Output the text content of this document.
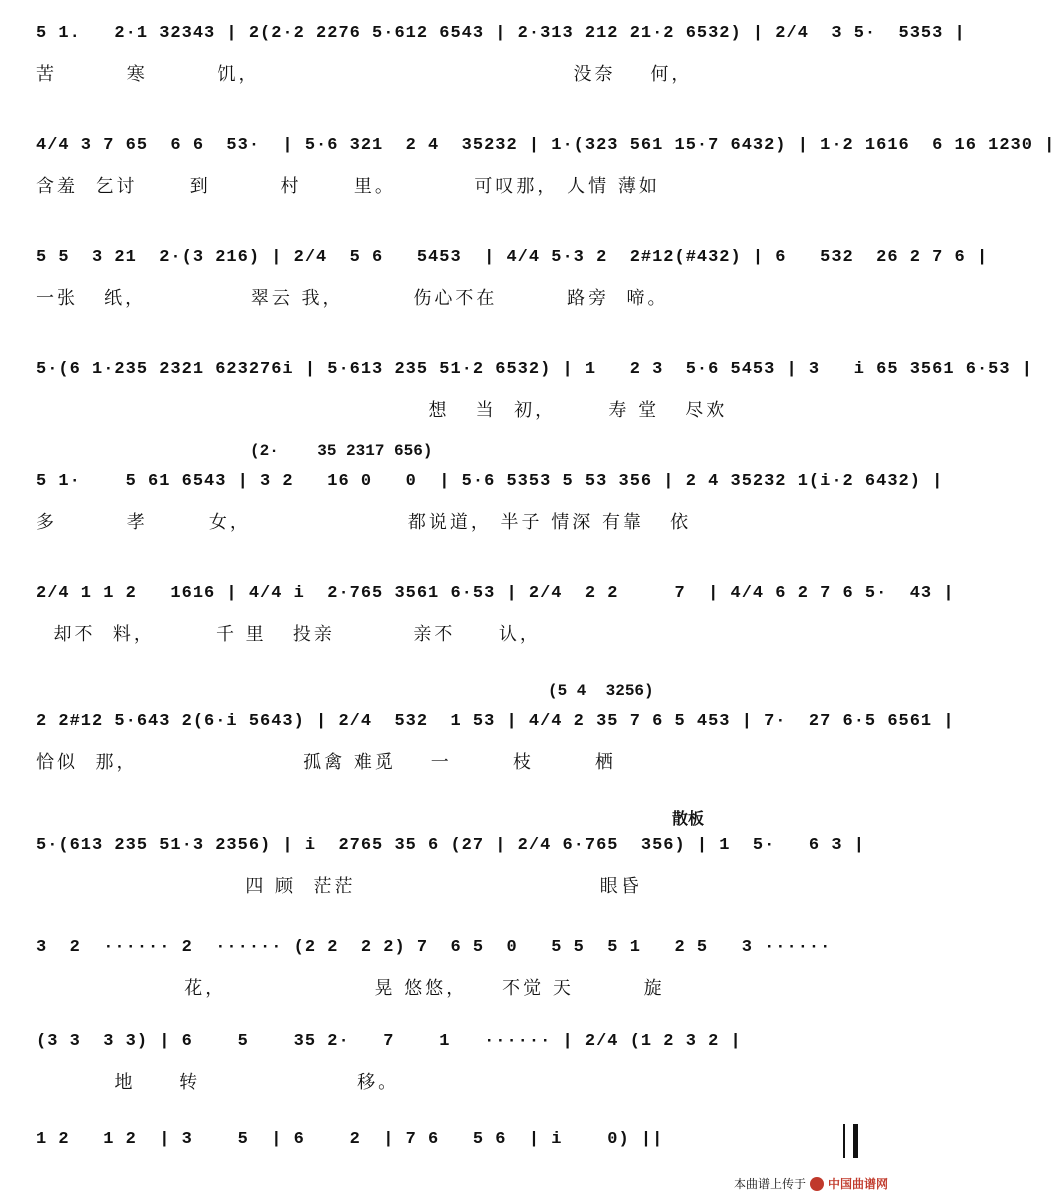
5 1.   2·1 32343 | 2(2·2 2276 5·612 6543 | 2·313 212 21·2 6532) | 2/4  3 5·  5353 |
苦        寒        饥，                                    没奈    何，
4/4 3 7 65  6 6  53·  | 5·6 321  2 4  35232 | 1·(323 561 15·7 6432) | 1·2 1616  6 16 1230 |
含羞  乞讨      到        村      里。         可叹那， 人情 薄如
5 5  3 21  2·(3 216) | 2/4  5 6   5453  | 4/4 5·3 2  2#12(#432) | 6   532  26 2 7 6 |
一张   纸，            翠云 我，        伤心不在        路旁  啼。
5·(6 1·235 2321 623276i | 5·613 235 51·2 6532) | 1   2 3  5·6 5453 | 3   i 65 3561 6·53 |
想   当  初，      寿 堂   尽欢
(2·    35 2317 656)
5 1·    5 61 6543 | 3 2   16 0   0  | 5·6 5353 5 53 356 | 2 4 35232 1(i·2 6432) |
多        孝       女，                  都说道， 半子 情深 有靠   依
2/4 1 1 2   1616 | 4/4 i  2·765 3561 6·53 | 2/4  2 2     7  | 4/4 6 2 7 6 5·  43 |
却不  料，       千 里   投亲         亲不     认，
(5 4  3256)
2 2#12 5·643 2(6·i 5643) | 2/4  532  1 53 | 4/4 2 35 7 6 5 453 | 7·  27 6·5 6561 |
恰似  那，                   孤禽 难觅    一       枝       栖
散板
5·(613 235 51·3 2356) | i  2765 35 6 (27 | 2/4 6·765  356) | 1  5·   6 3 |
四 顾  茫茫                            眼昏
3  2  ······ 2  ······ (2 2  2 2) 7  6 5  0   5 5  5 1   2 5   3 ······
花，                 晃 悠悠，    不觉 天        旋
(3 3  3 3) | 6    5    35 2·   7    1   ······ | 2/4 (1 2 3 2 |
地     转                  移。
1 2   1 2  | 3    5  | 6    2  | 7 6   5 6  | i    0) ||
本曲谱上传于 中国曲谱网
